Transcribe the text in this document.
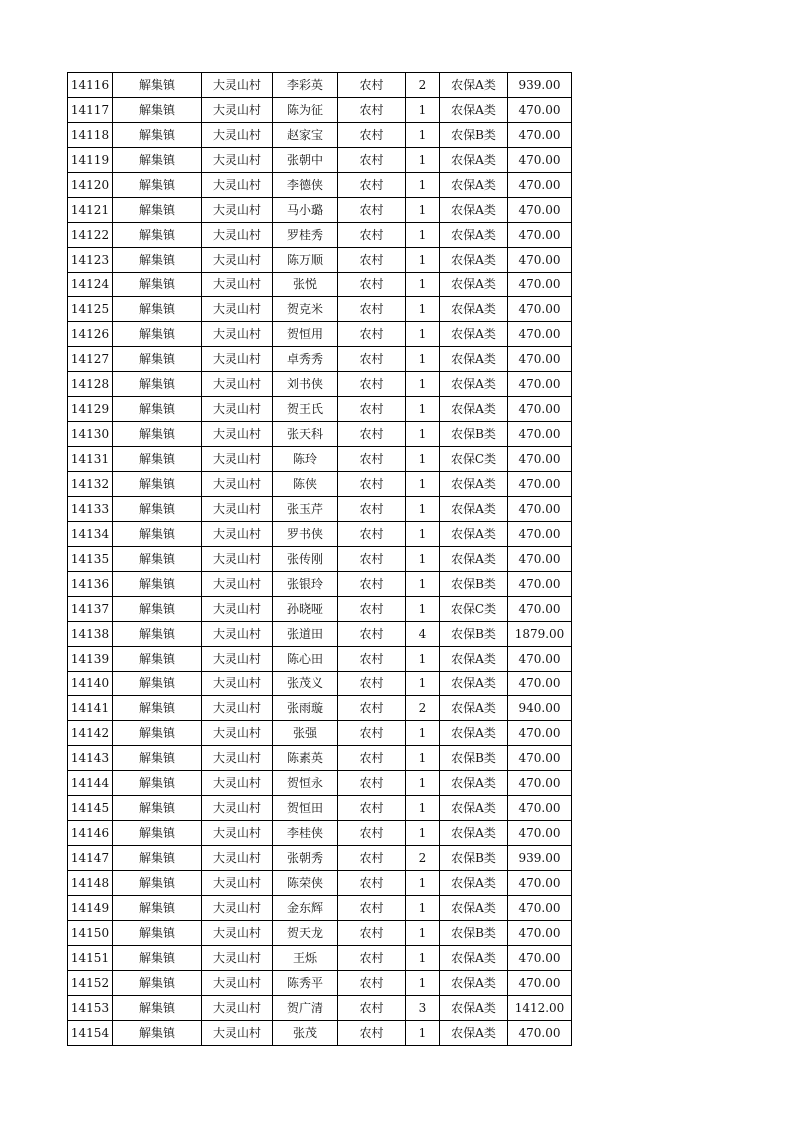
14116	解集镇	大灵山村	李彩英	农村	2	农保A类	939.00
14117	解集镇	大灵山村	陈为征	农村	1	农保A类	470.00
14118	解集镇	大灵山村	赵家宝	农村	1	农保B类	470.00
14119	解集镇	大灵山村	张朝中	农村	1	农保A类	470.00
14120	解集镇	大灵山村	李德侠	农村	1	农保A类	470.00
14121	解集镇	大灵山村	马小璐	农村	1	农保A类	470.00
14122	解集镇	大灵山村	罗桂秀	农村	1	农保A类	470.00
14123	解集镇	大灵山村	陈万顺	农村	1	农保A类	470.00
14124	解集镇	大灵山村	张悦	农村	1	农保A类	470.00
14125	解集镇	大灵山村	贺克米	农村	1	农保A类	470.00
14126	解集镇	大灵山村	贺恒用	农村	1	农保A类	470.00
14127	解集镇	大灵山村	卓秀秀	农村	1	农保A类	470.00
14128	解集镇	大灵山村	刘书侠	农村	1	农保A类	470.00
14129	解集镇	大灵山村	贺王氏	农村	1	农保A类	470.00
14130	解集镇	大灵山村	张天科	农村	1	农保B类	470.00
14131	解集镇	大灵山村	陈玲	农村	1	农保C类	470.00
14132	解集镇	大灵山村	陈侠	农村	1	农保A类	470.00
14133	解集镇	大灵山村	张玉芹	农村	1	农保A类	470.00
14134	解集镇	大灵山村	罗书侠	农村	1	农保A类	470.00
14135	解集镇	大灵山村	张传刚	农村	1	农保A类	470.00
14136	解集镇	大灵山村	张银玲	农村	1	农保B类	470.00
14137	解集镇	大灵山村	孙晓哑	农村	1	农保C类	470.00
14138	解集镇	大灵山村	张道田	农村	4	农保B类	1879.00
14139	解集镇	大灵山村	陈心田	农村	1	农保A类	470.00
14140	解集镇	大灵山村	张茂义	农村	1	农保A类	470.00
14141	解集镇	大灵山村	张雨璇	农村	2	农保A类	940.00
14142	解集镇	大灵山村	张强	农村	1	农保A类	470.00
14143	解集镇	大灵山村	陈素英	农村	1	农保B类	470.00
14144	解集镇	大灵山村	贺恒永	农村	1	农保A类	470.00
14145	解集镇	大灵山村	贺恒田	农村	1	农保A类	470.00
14146	解集镇	大灵山村	李桂侠	农村	1	农保A类	470.00
14147	解集镇	大灵山村	张朝秀	农村	2	农保B类	939.00
14148	解集镇	大灵山村	陈荣侠	农村	1	农保A类	470.00
14149	解集镇	大灵山村	金东辉	农村	1	农保A类	470.00
14150	解集镇	大灵山村	贺天龙	农村	1	农保B类	470.00
14151	解集镇	大灵山村	王烁	农村	1	农保A类	470.00
14152	解集镇	大灵山村	陈秀平	农村	1	农保A类	470.00
14153	解集镇	大灵山村	贺广清	农村	3	农保A类	1412.00
14154	解集镇	大灵山村	张茂	农村	1	农保A类	470.00
